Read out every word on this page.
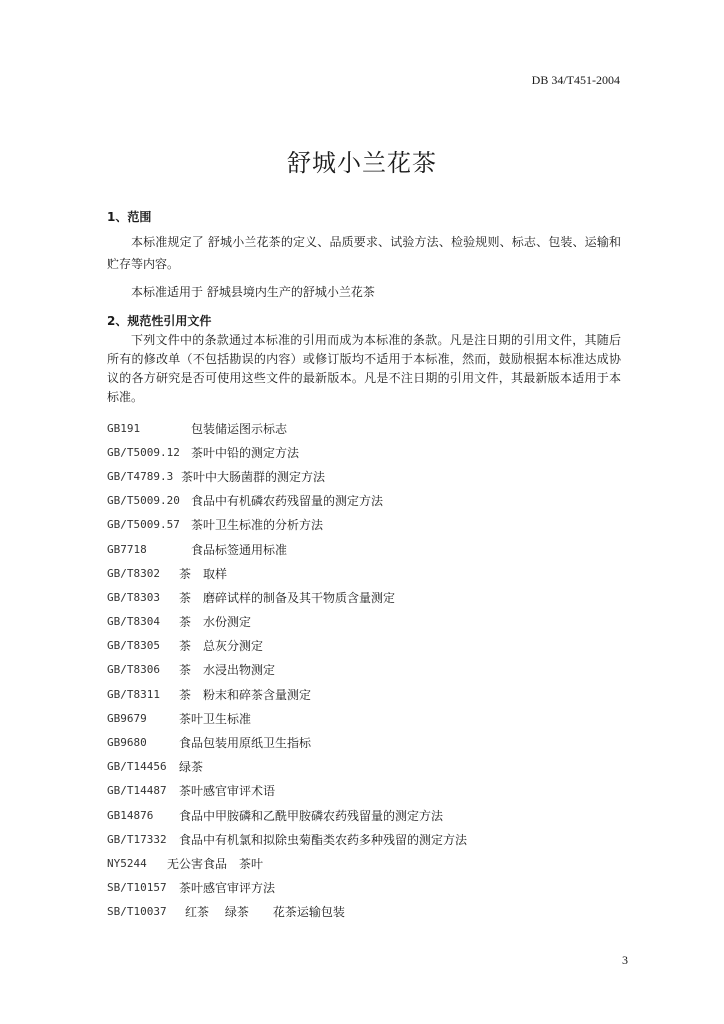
DB 34/T451-2004
舒城小兰花茶
1、范围
本标准规定了 舒城小兰花茶的定义、品质要求、试验方法、检验规则、标志、包装、运输和贮存等内容。
本标准适用于 舒城县境内生产的舒城小兰花茶
2、规范性引用文件
下列文件中的条款通过本标准的引用而成为本标准的条款。凡是注日期的引用文件，其随后所有的修改单（不包括勘误的内容）或修订版均不适用于本标准，然而，鼓励根据本标准达成协议的各方研究是否可使用这些文件的最新版本。凡是不注日期的引用文件，其最新版本适用于本标准。
GB191	包装储运图示标志
GB/T5009.12 茶叶中铅的测定方法
GB/T4789.3 茶叶中大肠菌群的测定方法
GB/T5009.20 食品中有机磷农药残留量的测定方法
GB/T5009.57 茶叶卫生标准的分析方法
GB7718	食品标签通用标准
GB/T8302	茶　取样
GB/T8303	茶　磨碎试样的制备及其干物质含量测定
GB/T8304	茶　水份测定
GB/T8305	茶　总灰分测定
GB/T8306	茶　水浸出物测定
GB/T8311	茶　粉末和碎茶含量测定
GB9679	茶叶卫生标准
GB9680	食品包装用原纸卫生指标
GB/T14456	绿茶
GB/T14487	茶叶感官审评术语
GB14876	食品中甲胺磷和乙酰甲胺磷农药残留量的测定方法
GB/T17332	食品中有机氯和拟除虫菊酯类农药多种残留的测定方法
NY5244	无公害食品　茶叶
SB/T10157	茶叶感官审评方法
SB/T10037	红茶　 绿茶　　花茶运输包装
3
